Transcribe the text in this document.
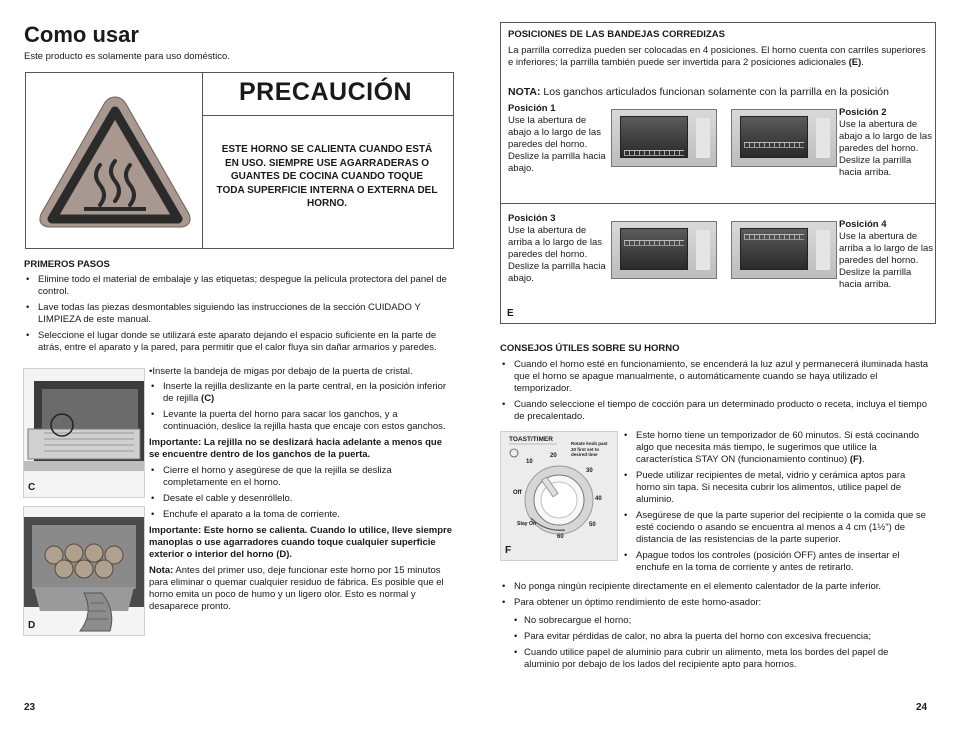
Como usar
Este producto es solamente para uso doméstico.
PRECAUCIÓN
ESTE HORNO SE CALIENTA CUANDO ESTÁ EN USO. SIEMPRE USE AGARRADERAS O GUANTES DE COCINA CUANDO TOQUE TODA SUPERFICIE INTERNA O EXTERNA DEL HORNO.
PRIMEROS PASOS
• Elimine todo el material de embalaje y las etiquetas; despegue la película protectora del panel de control.
• Lave todas las piezas desmontables siguiendo las instrucciones de la sección CUIDADO Y LIMPIEZA de este manual.
• Seleccione el lugar donde se utilizará este aparato dejando el espacio suficiente en la parte de atrás, entre el aparato y la pared, para permitir que el calor fluya sin dañar armarios y paredes.
C
D
•Inserte la bandeja de migas por debajo de la puerta de cristal.
• Inserte la rejilla deslizante en la parte central, en la posición inferior de rejilla (C)
• Levante la puerta del horno para sacar los ganchos, y a continuación, deslice la rejilla hasta que encaje con estos ganchos.
Importante: La rejilla no se deslizará hacia adelante a menos que se encuentre dentro de los ganchos de la puerta.
• Cierre el horno y asegúrese de que la rejilla se desliza completamente en el horno.
• Desate el cable y desenróllelo.
• Enchufe el aparato a la toma de corriente.
Importante: Este horno se calienta. Cuando lo utilice, lleve siempre manoplas o use agarradores cuando toque cualquier superficie exterior o interior del horno (D).
Nota: Antes del primer uso, deje funcionar este horno por 15 minutos para eliminar o quemar cualquier residuo de fábrica. Es posible que el horno emita un poco de humo y un ligero olor. Esto es normal y desaparece pronto.
23
POSICIONES DE LAS BANDEJAS CORREDIZAS
La parrilla corrediza pueden ser colocadas en 4 posiciones. El horno cuenta con carriles superiores e inferiores; la parrilla también puede ser invertida para 2 posiciones adicionales (E).
NOTA: Los ganchos articulados funcionan solamente con la parrilla en la posición
Posición 1
Use la abertura de abajo a lo largo de las paredes del horno. Deslize la parrilla hacia abajo.
Posición 2
Use la abertura de abajo a lo largo de las paredes del horno. Deslize la parrilla hacia arriba.
Posición 3
Use la abertura de arriba a lo largo de las paredes del horno. Deslize la parrilla hacia abajo.
Posición 4
Use la abertura de arriba a lo largo de las paredes del horno. Deslize la parrilla hacia arriba.
E
CONSEJOS ÚTILES SOBRE SU HORNO
• Cuando el horno esté en funcionamiento, se encenderá la luz azul y permanecerá iluminada hasta que el horno se apague manualmente, o automáticamente cuando se haya utilizado el temporizador.
• Cuando seleccione el tiempo de cocción para un determinado producto o receta, incluya el tiempo de precalentado.
TOAST/TIMER
Rotate knob past 20 first set to desired time
10
20
30
40
50
60
Off
Stay On
F
• Este horno tiene un temporizador de 60 minutos. Si está cocinando algo que necesita más tiempo, le sugerimos que utilice la característica STAY ON (funcionamiento continuo) (F).
• Puede utilizar recipientes de metal, vidrio y cerámica aptos para horno sin tapa. Si necesita cubrir los alimentos, utilice papel de aluminio.
• Asegúrese de que la parte superior del recipiente o la comida que se esté cociendo o asando se encuentra al menos a 4 cm (1½") de distancia de las resistencias de la parte superior.
• Apague todos los controles (posición OFF) antes de insertar el enchufe en la toma de corriente y antes de retirarlo.
• No ponga ningún recipiente directamente en el elemento calentador de la parte inferior.
• Para obtener un óptimo rendimiento de este horno-asador:
• No sobrecargue el horno;
• Para evitar pérdidas de calor, no abra la puerta del horno con excesiva frecuencia;
• Cuando utilice papel de aluminio para cubrir un alimento, meta los bordes del papel de aluminio por debajo de los lados del recipiente apto para hornos.
24
